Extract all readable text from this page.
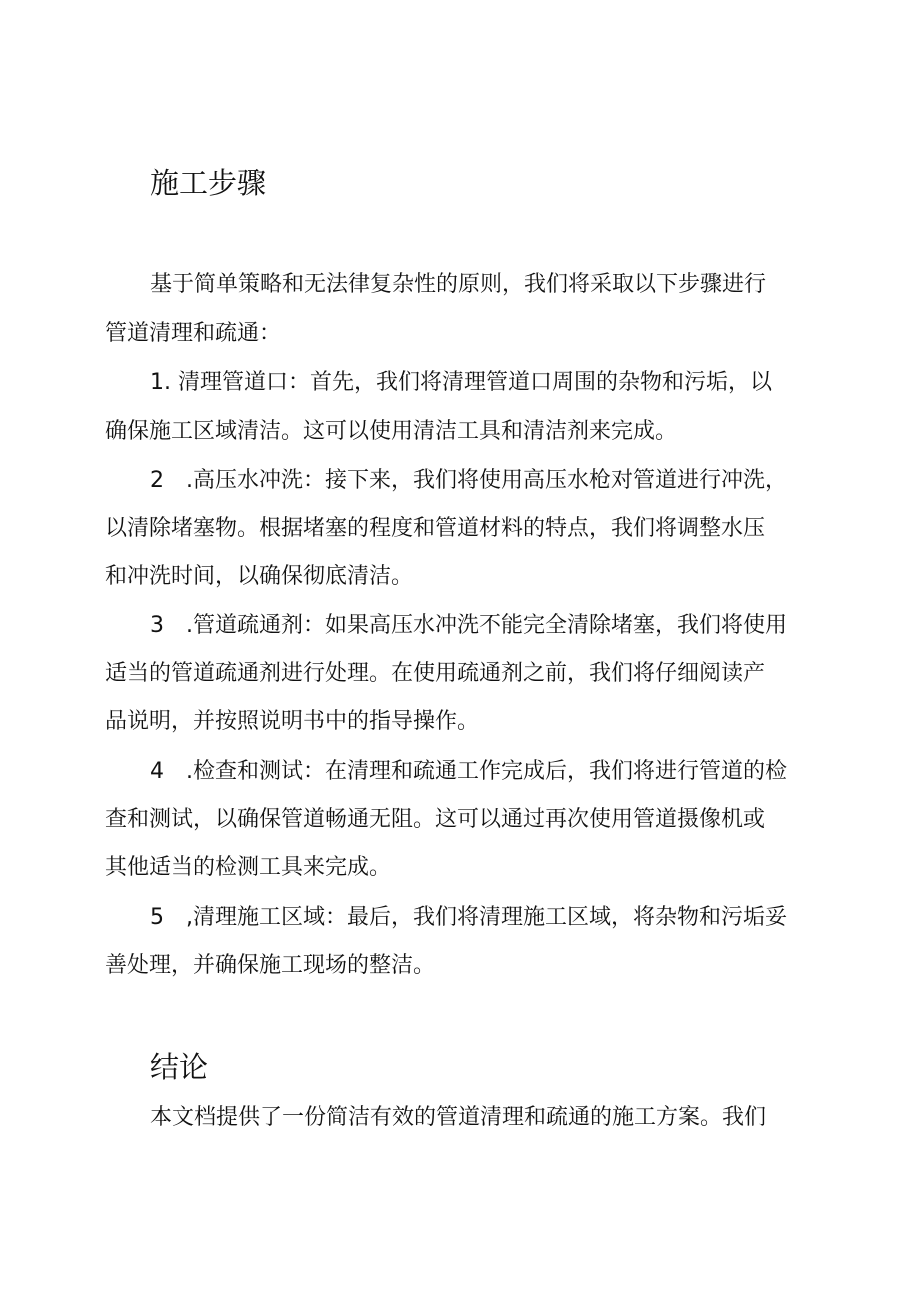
施工步骤

基于简单策略和无法律复杂性的原则，我们将采取以下步骤进行

管道清理和疏通：

1. 清理管道口：首先，我们将清理管道口周围的杂物和污垢，以

确保施工区域清洁。这可以使用清洁工具和清洁剂来完成。

2　.高压水冲洗：接下来，我们将使用高压水枪对管道进行冲洗，

以清除堵塞物。根据堵塞的程度和管道材料的特点，我们将调整水压

和冲洗时间，以确保彻底清洁。

3　.管道疏通剂：如果高压水冲洗不能完全清除堵塞，我们将使用

适当的管道疏通剂进行处理。在使用疏通剂之前，我们将仔细阅读产

品说明，并按照说明书中的指导操作。

4　.检查和测试：在清理和疏通工作完成后，我们将进行管道的检

查和测试，以确保管道畅通无阻。这可以通过再次使用管道摄像机或

其他适当的检测工具来完成。

5　,清理施工区域：最后，我们将清理施工区域，将杂物和污垢妥

善处理，并确保施工现场的整洁。

结论

本文档提供了一份简洁有效的管道清理和疏通的施工方案。我们
